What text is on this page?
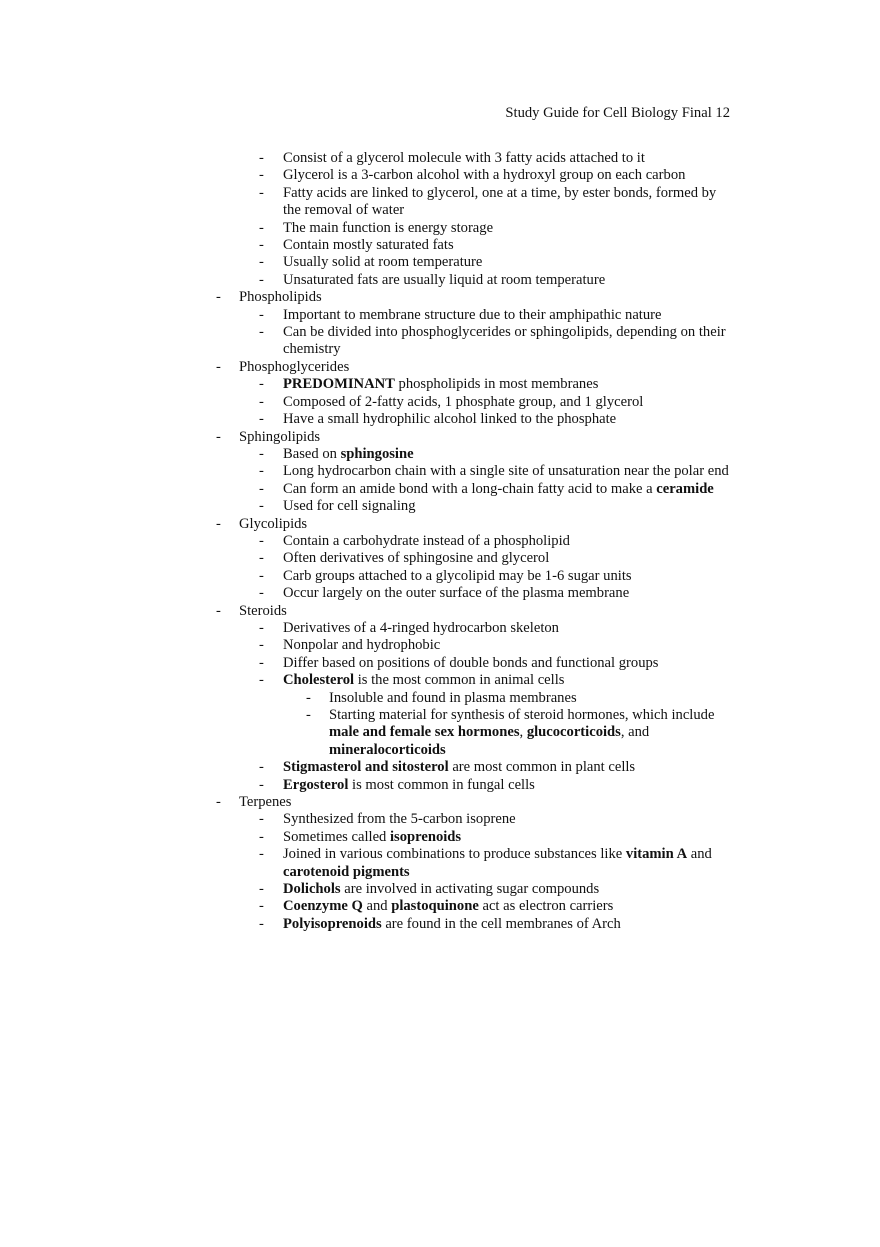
Study Guide for Cell Biology Final 12
- Consist of a glycerol molecule with 3 fatty acids attached to it
- Glycerol is a 3-carbon alcohol with a hydroxyl group on each carbon
- Fatty acids are linked to glycerol, one at a time, by ester bonds, formed by the removal of water
- The main function is energy storage
- Contain mostly saturated fats
- Usually solid at room temperature
- Unsaturated fats are usually liquid at room temperature
- Phospholipids
- Important to membrane structure due to their amphipathic nature
- Can be divided into phosphoglycerides or sphingolipids, depending on their chemistry
- Phosphoglycerides
- PREDOMINANT phospholipids in most membranes
- Composed of 2-fatty acids, 1 phosphate group, and 1 glycerol
- Have a small hydrophilic alcohol linked to the phosphate
- Sphingolipids
- Based on sphingosine
- Long hydrocarbon chain with a single site of unsaturation near the polar end
- Can form an amide bond with a long-chain fatty acid to make a ceramide
- Used for cell signaling
- Glycolipids
- Contain a carbohydrate instead of a phospholipid
- Often derivatives of sphingosine and glycerol
- Carb groups attached to a glycolipid may be 1-6 sugar units
- Occur largely on the outer surface of the plasma membrane
- Steroids
- Derivatives of a 4-ringed hydrocarbon skeleton
- Nonpolar and hydrophobic
- Differ based on positions of double bonds and functional groups
- Cholesterol is the most common in animal cells
- Insoluble and found in plasma membranes
- Starting material for synthesis of steroid hormones, which include male and female sex hormones, glucocorticoids, and mineralocorticoids
- Stigmasterol and sitosterol are most common in plant cells
- Ergosterol is most common in fungal cells
- Terpenes
- Synthesized from the 5-carbon isoprene
- Sometimes called isoprenoids
- Joined in various combinations to produce substances like vitamin A and carotenoid pigments
- Dolichols are involved in activating sugar compounds
- Coenzyme Q and plastoquinone act as electron carriers
- Polyisoprenoids are found in the cell membranes of Arch
